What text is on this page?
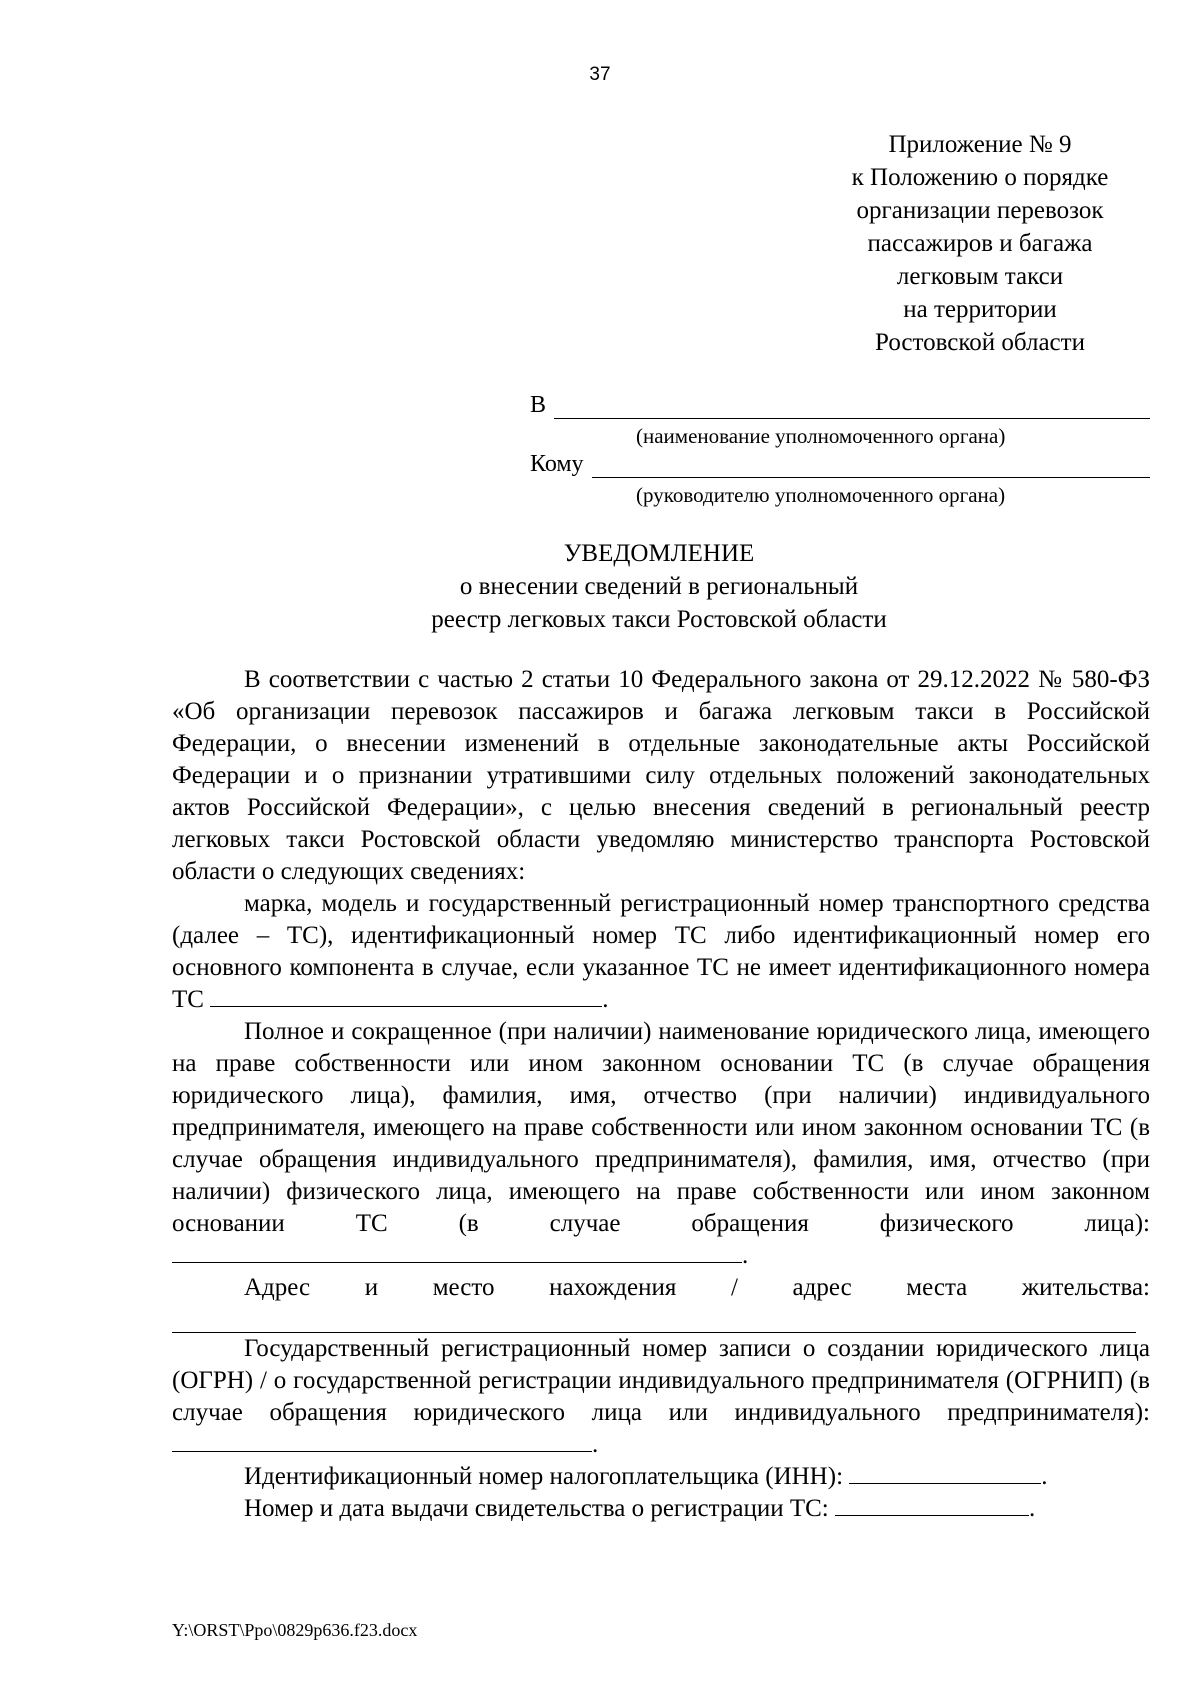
37
Приложение № 9
к Положению о порядке
организации перевозок
пассажиров и багажа
легковым такси
на территории
Ростовской области
В
(наименование уполномоченного органа)
Кому
(руководителю уполномоченного органа)
УВЕДОМЛЕНИЕ
о внесении сведений в региональный
реестр легковых такси Ростовской области

В соответствии с частью 2 статьи 10 Федерального закона от 29.12.2022 № 580-ФЗ «Об организации перевозок пассажиров и багажа легковым такси в Российской Федерации, о внесении изменений в отдельные законодательные акты Российской Федерации и о признании утратившими силу отдельных положений законодательных актов Российской Федерации», с целью внесения сведений в региональный реестр легковых такси Ростовской области уведомляю министерство транспорта Ростовской области о следующих сведениях:

марка, модель и государственный регистрационный номер транспортного средства (далее – ТС), идентификационный номер ТС либо идентификационный номер его основного компонента в случае, если указанное ТС не имеет идентификационного номера ТС	.

Полное и сокращенное (при наличии) наименование юридического лица, имеющего на праве собственности или ином законном основании ТС (в случае обращения юридического лица), фамилия, имя, отчество (при наличии) индивидуального предпринимателя, имеющего на праве собственности или ином законном основании ТС (в случае обращения индивидуального предпринимателя), фамилия, имя, отчество (при наличии) физического лица, имеющего на праве собственности или ином законном основании ТС (в случае обращения физического лица): .

Адрес и место нахождения / адрес места жительства:

Государственный регистрационный номер записи о создании юридического лица (ОГРН) / о государственной регистрации индивидуального предпринимателя (ОГРНИП) (в случае обращения юридического лица или индивидуального предпринимателя): .

Идентификационный номер налогоплательщика (ИНН):	.

Номер и дата выдачи свидетельства о регистрации ТС:	.

Y:\ORST\Ppo\0829p636.f23.docx
